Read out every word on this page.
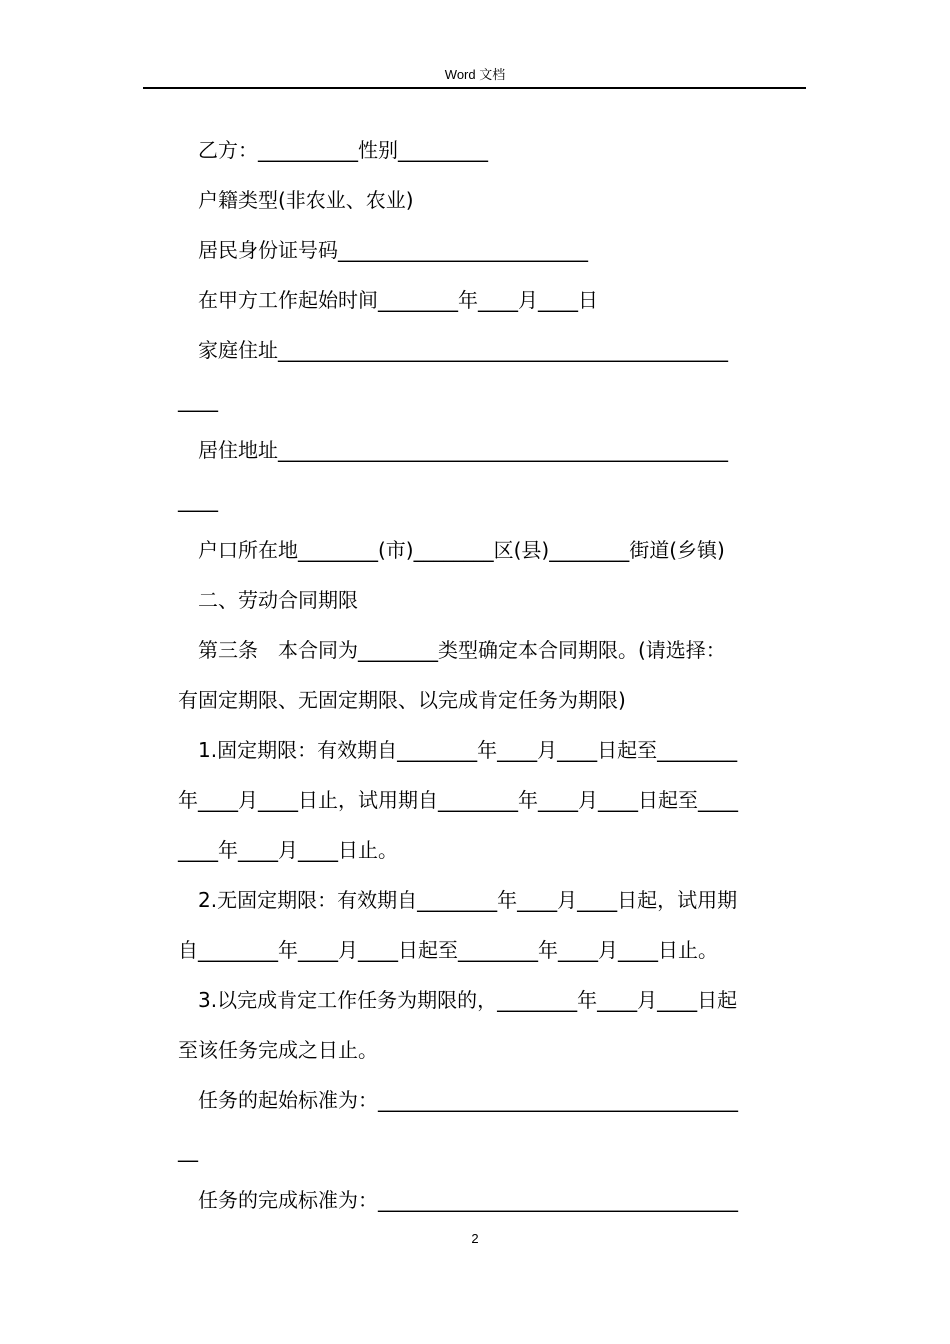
Word 文档
乙方：__________性别_________
户籍类型(非农业、农业)
居民身份证号码_________________________
在甲方工作起始时间________年____月____日
家庭住址_____________________________________________
____
居住地址_____________________________________________
____
户口所在地________(市)________区(县)________街道(乡镇)
二、劳动合同期限
第三条　本合同为________类型确定本合同期限。(请选择：
有固定期限、无固定期限、以完成肯定任务为期限)
1.固定期限：有效期自________年____月____日起至________
年____月____日止，试用期自________年____月____日起至____
____年____月____日止。
2.无固定期限：有效期自________年____月____日起，试用期
自________年____月____日起至________年____月____日止。
3.以完成肯定工作任务为期限的，________年____月____日起
至该任务完成之日止。
任务的起始标准为：____________________________________
__
任务的完成标准为：____________________________________
2
